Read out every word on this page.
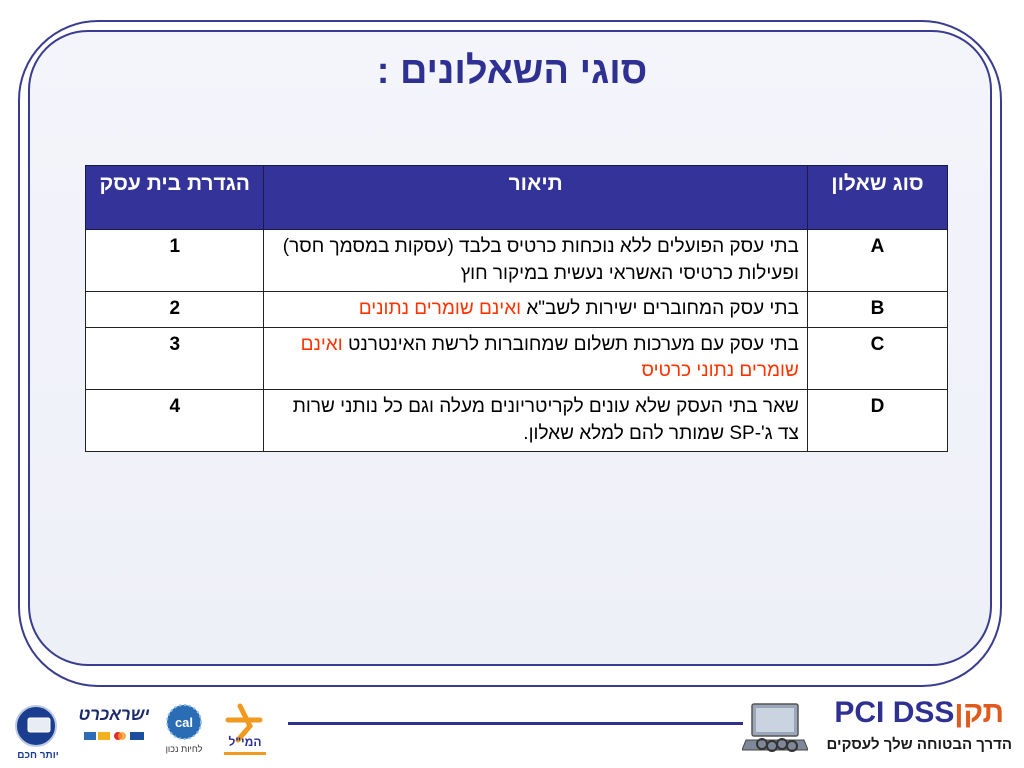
סוגי השאלונים :
סוג שאלון	תיאור	הגדרת בית עסק
A	בתי עסק הפועלים ללא נוכחות כרטיס בלבד (עסקות במסמך חסר) ופעילות כרטיסי האשראי נעשית במיקור חוץ	1
B	בתי עסק המחוברים ישירות לשב"א ואינם שומרים נתונים	2
C	בתי עסק עם מערכות תשלום שמחוברות לרשת האינטרנט ואינם שומרים נתוני כרטיס	3
D	שאר בתי העסק שלא עונים לקריטריונים מעלה וגם כל נותני שרות צד ג'-SP שמותר להם למלא שאלון.	4
תקןPCI DSS
הדרך הבטוחה שלך לעסקים
המי"ל
cal
לחיות נכון
ישראכרט
יותר חכם
